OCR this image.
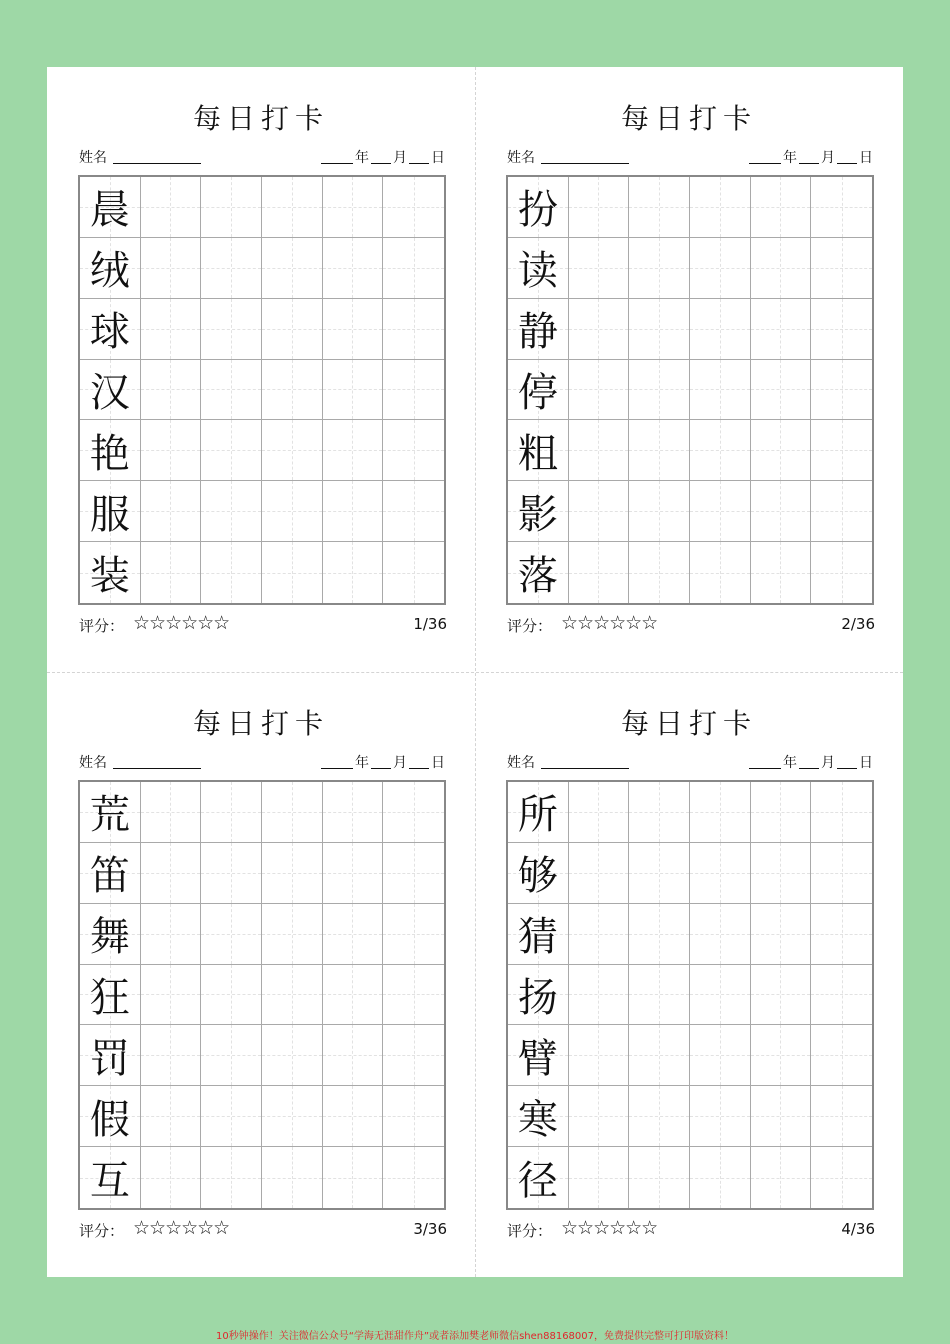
每日打卡
姓名	年 月 日
晨
绒
球
汉
艳
服
装
评分： ☆☆☆☆☆☆	1/36
每日打卡
姓名	年 月 日
扮
读
静
停
粗
影
落
评分： ☆☆☆☆☆☆	2/36
每日打卡
姓名	年 月 日
荒
笛
舞
狂
罚
假
互
评分： ☆☆☆☆☆☆	3/36
每日打卡
姓名	年 月 日
所
够
猜
扬
臂
寒
径
评分： ☆☆☆☆☆☆	4/36
10秒钟操作！关注微信公众号“学海无涯甜作舟”或者添加樊老师微信shen88168007，免费提供完整可打印版资料！
